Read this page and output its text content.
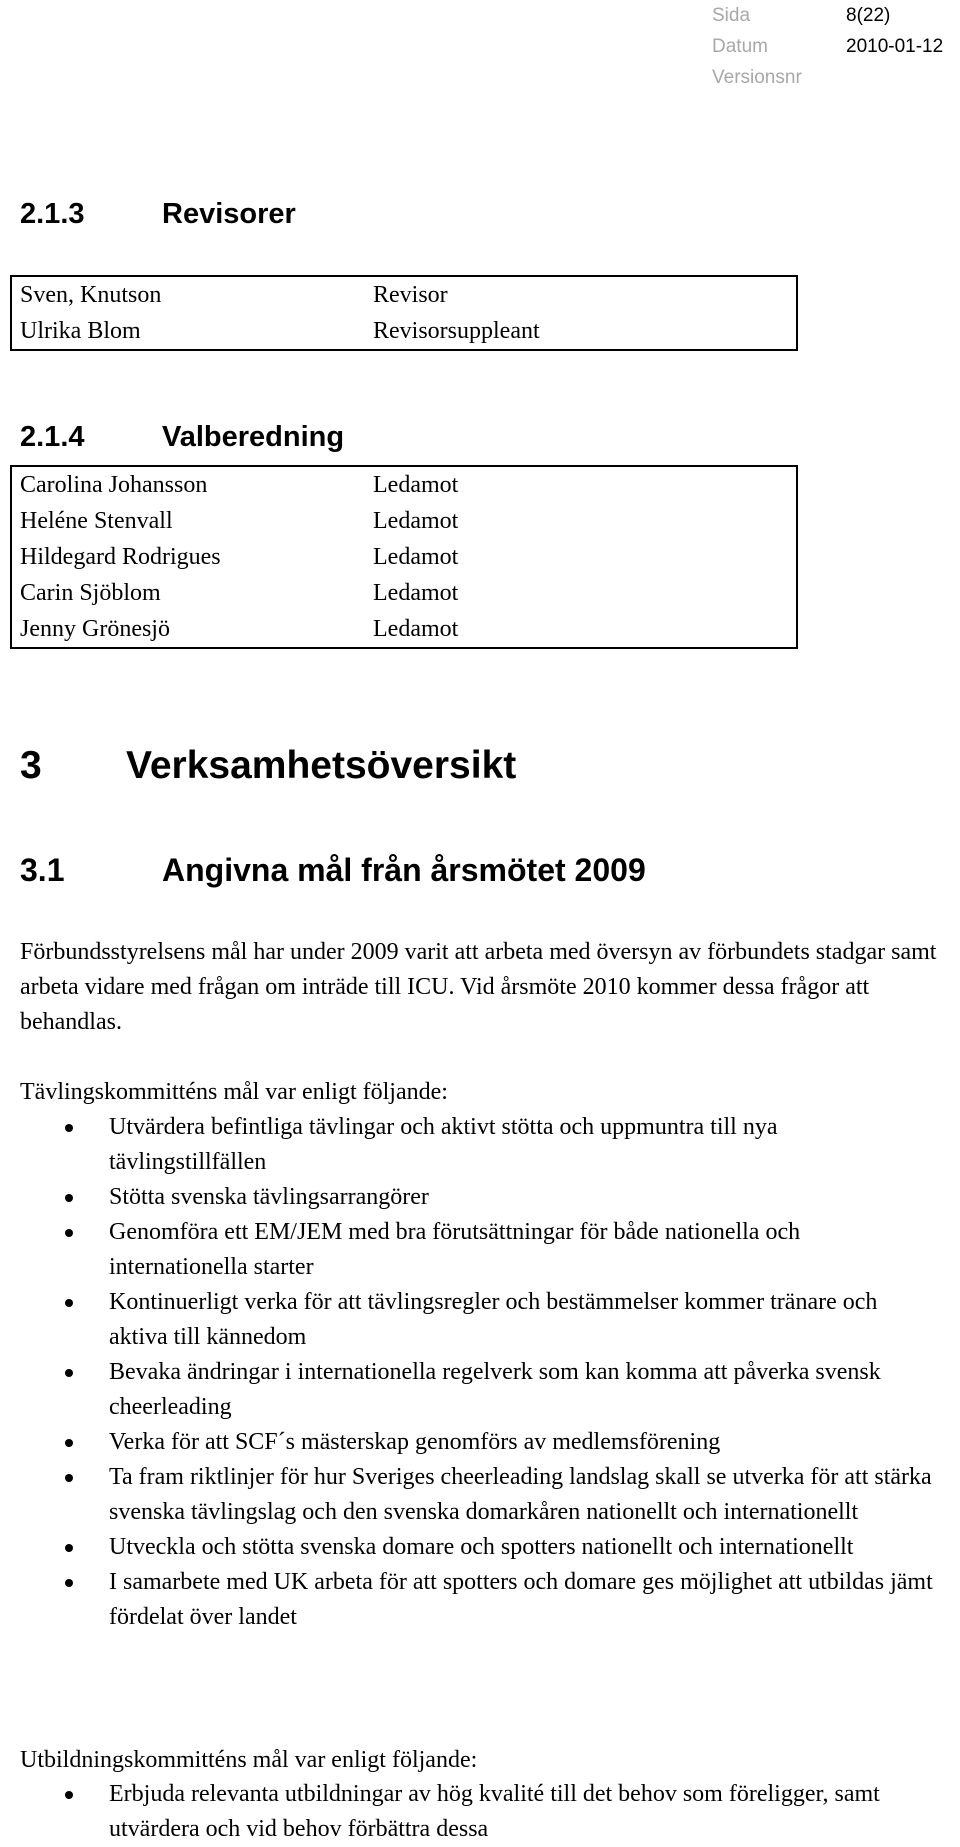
Sida	8(22)
Datum	2010-01-12
Versionsnr
2.1.3	Revisorer
Sven, Knutson	Revisor
Ulrika Blom	Revisorsuppleant
2.1.4	Valberedning
Carolina Johansson	Ledamot
Heléne Stenvall	Ledamot
Hildegard Rodrigues	Ledamot
Carin Sjöblom	Ledamot
Jenny Grönesjö	Ledamot
3 Verksamhetsöversikt
3.1	Angivna mål från årsmötet 2009

Förbundsstyrelsens mål har under 2009 varit att arbeta med översyn av förbundets stadgar samt arbeta vidare med frågan om inträde till ICU. Vid årsmöte 2010 kommer dessa frågor att behandlas.

Tävlingskommitténs mål var enligt följande:

Utvärdera befintliga tävlingar och aktivt stötta och uppmuntra till nya tävlingstillfällen
Stötta svenska tävlingsarrangörer
Genomföra ett EM/JEM med bra förutsättningar för både nationella och internationella starter
Kontinuerligt verka för att tävlingsregler och bestämmelser kommer tränare och aktiva till kännedom
Bevaka ändringar i internationella regelverk som kan komma att påverka svensk cheerleading
Verka för att SCF´s mästerskap genomförs av medlemsförening
Ta fram riktlinjer för hur Sveriges cheerleading landslag skall se utverka för att stärka svenska tävlingslag och den svenska domarkåren nationellt och internationellt
Utveckla och stötta svenska domare och spotters nationellt och internationellt
I samarbete med UK arbeta för att spotters och domare ges möjlighet att utbildas jämt fördelat över landet

Utbildningskommitténs mål var enligt följande:

Erbjuda relevanta utbildningar av hög kvalité till det behov som föreligger, samt utvärdera och vid behov förbättra dessa
